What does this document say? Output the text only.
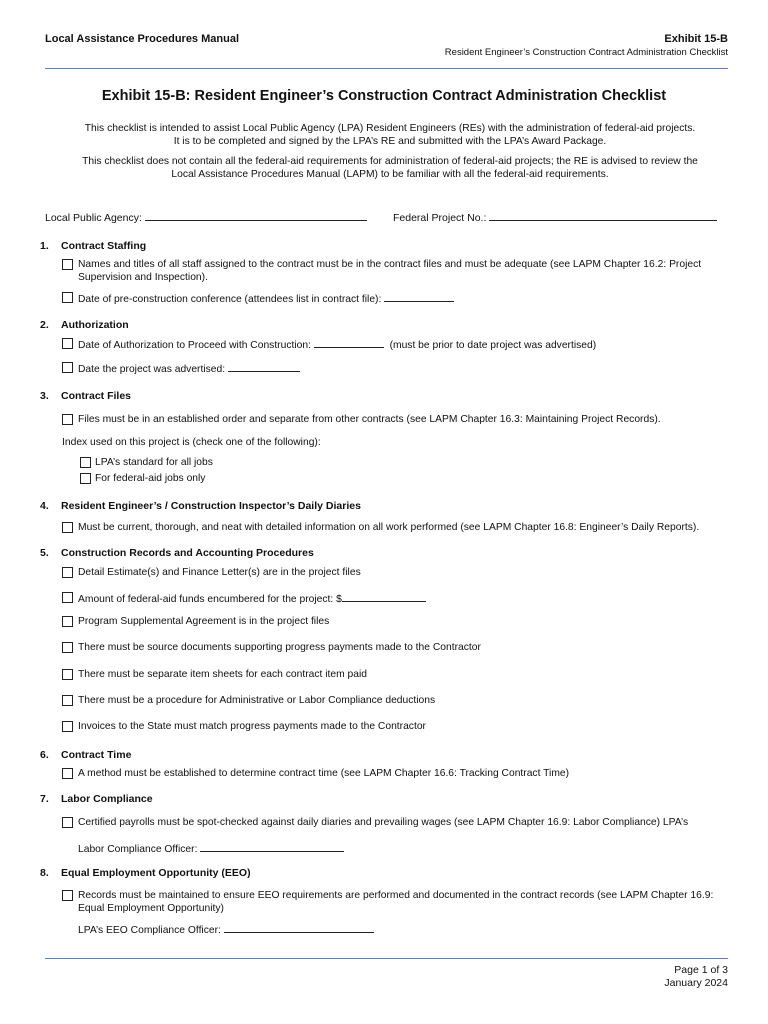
Local Assistance Procedures Manual	Exhibit 15-B
Resident Engineer’s Construction Contract Administration Checklist
Exhibit 15-B: Resident Engineer’s Construction Contract Administration Checklist
This checklist is intended to assist Local Public Agency (LPA) Resident Engineers (REs) with the administration of federal-aid projects.
It is to be completed and signed by the LPA’s RE and submitted with the LPA’s Award Package.
This checklist does not contain all the federal-aid requirements for administration of federal-aid projects; the RE is advised to review the
Local Assistance Procedures Manual (LAPM) to be familiar with all the federal-aid requirements.
Local Public Agency:	Federal Project No.:
1. Contract Staffing
Names and titles of all staff assigned to the contract must be in the contract files and must be adequate (see LAPM Chapter 16.2: Project Supervision and Inspection).
Date of pre-construction conference (attendees list in contract file):
2. Authorization
Date of Authorization to Proceed with Construction:	(must be prior to date project was advertised)
Date the project was advertised:
3. Contract Files
Files must be in an established order and separate from other contracts (see LAPM Chapter 16.3: Maintaining Project Records).
Index used on this project is (check one of the following):
LPA’s standard for all jobs
For federal-aid jobs only
4. Resident Engineer’s / Construction Inspector’s Daily Diaries
Must be current, thorough, and neat with detailed information on all work performed (see LAPM Chapter 16.8: Engineer’s Daily Reports).
5. Construction Records and Accounting Procedures
Detail Estimate(s) and Finance Letter(s) are in the project files
Amount of federal-aid funds encumbered for the project: $
Program Supplemental Agreement is in the project files
There must be source documents supporting progress payments made to the Contractor
There must be separate item sheets for each contract item paid
There must be a procedure for Administrative or Labor Compliance deductions
Invoices to the State must match progress payments made to the Contractor
6. Contract Time
A method must be established to determine contract time (see LAPM Chapter 16.6: Tracking Contract Time)
7. Labor Compliance
Certified payrolls must be spot-checked against daily diaries and prevailing wages (see LAPM Chapter 16.9: Labor Compliance) LPA’s
Labor Compliance Officer:
8. Equal Employment Opportunity (EEO)
Records must be maintained to ensure EEO requirements are performed and documented in the contract records (see LAPM Chapter 16.9: Equal Employment Opportunity)
LPA’s EEO Compliance Officer:
Page 1 of 3
January 2024
